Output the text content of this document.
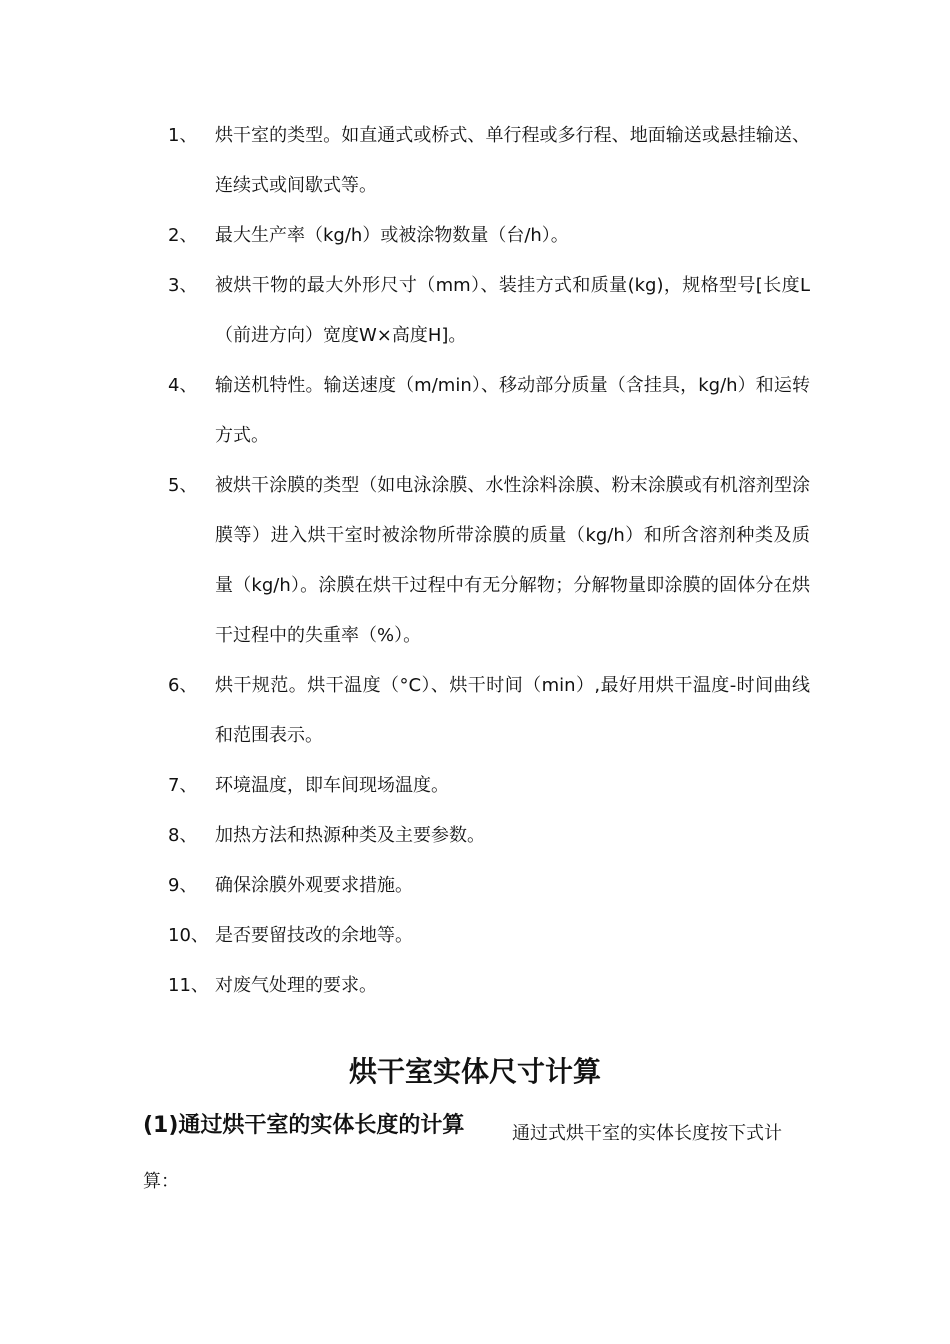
1、 烘干室的类型。如直通式或桥式、单行程或多行程、地面输送或悬挂输送、连续式或间歇式等。
2、 最大生产率（kg/h）或被涂物数量（台/h）。
3、 被烘干物的最大外形尺寸（mm）、装挂方式和质量(kg)，规格型号[长度L（前进方向）宽度W×高度H]。
4、 输送机特性。输送速度（m/min）、移动部分质量（含挂具，kg/h）和运转方式。
5、 被烘干涂膜的类型（如电泳涂膜、水性涂料涂膜、粉末涂膜或有机溶剂型涂膜等）进入烘干室时被涂物所带涂膜的质量（kg/h）和所含溶剂种类及质量（kg/h）。涂膜在烘干过程中有无分解物；分解物量即涂膜的固体分在烘干过程中的失重率（%）。
6、 烘干规范。烘干温度（°C）、烘干时间（min）,最好用烘干温度-时间曲线和范围表示。
7、 环境温度，即车间现场温度。
8、 加热方法和热源种类及主要参数。
9、 确保涂膜外观要求措施。
10、 是否要留技改的余地等。
11、 对废气处理的要求。
烘干室实体尺寸计算
(1)通过烘干室的实体长度的计算	通过式烘干室的实体长度按下式计
算：
